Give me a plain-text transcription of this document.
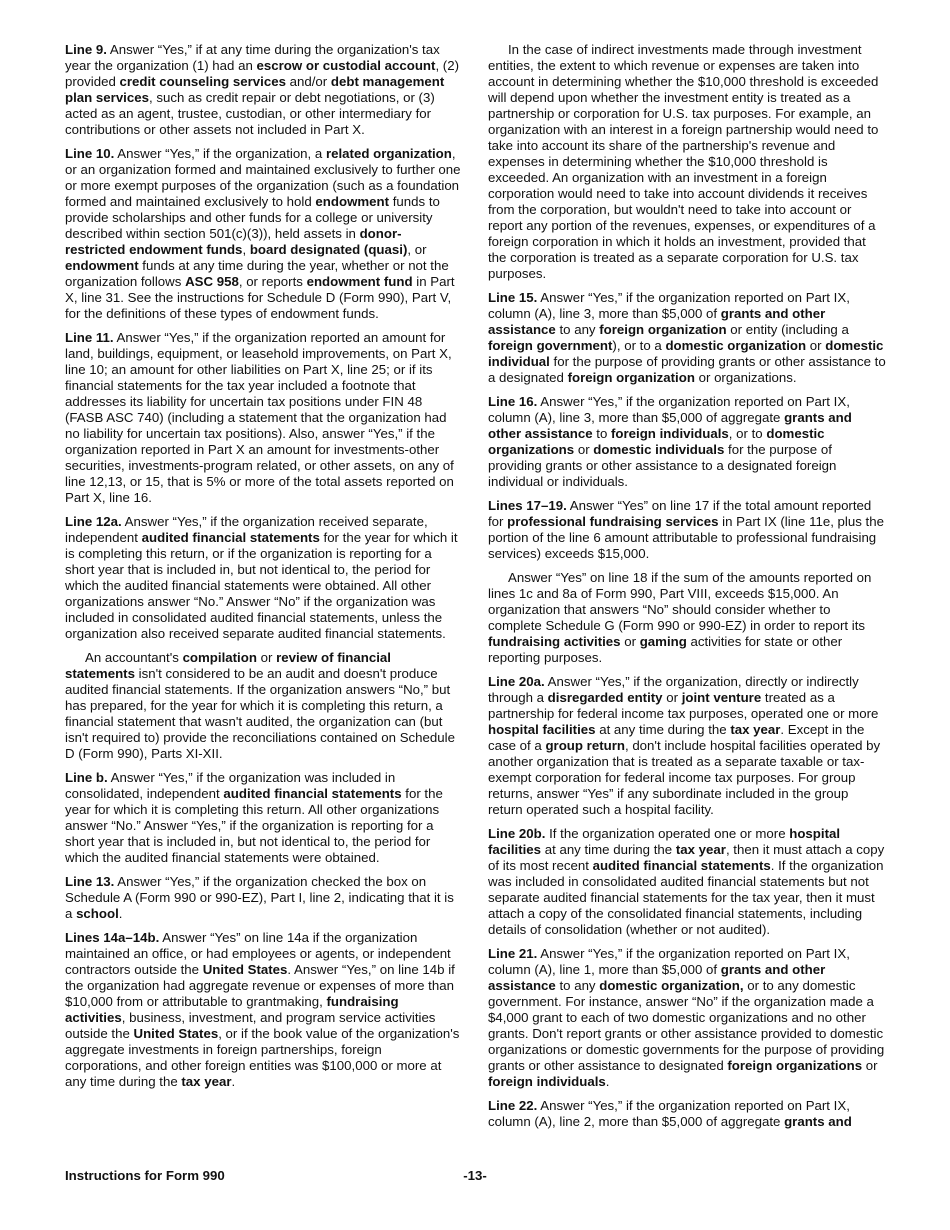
Line 9. Answer “Yes,” if at any time during the organization's tax year the organization (1) had an escrow or custodial account, (2) provided credit counseling services and/or debt management plan services, such as credit repair or debt negotiations, or (3) acted as an agent, trustee, custodian, or other intermediary for contributions or other assets not included in Part X.

Line 10. Answer “Yes,” if the organization, a related organization, or an organization formed and maintained exclusively to further one or more exempt purposes of the organization (such as a foundation formed and maintained exclusively to hold endowment funds to provide scholarships and other funds for a college or university described within section 501(c)(3)), held assets in donor-restricted endowment funds, board designated (quasi), or endowment funds at any time during the year, whether or not the organization follows ASC 958, or reports endowment fund in Part X, line 31. See the instructions for Schedule D (Form 990), Part V, for the definitions of these types of endowment funds.

Line 11. Answer “Yes,” if the organization reported an amount for land, buildings, equipment, or leasehold improvements, on Part X, line 10; an amount for other liabilities on Part X, line 25; or if its financial statements for the tax year included a footnote that addresses its liability for uncertain tax positions under FIN 48 (FASB ASC 740) (including a statement that the organization had no liability for uncertain tax positions). Also, answer “Yes,” if the organization reported in Part X an amount for investments-other securities, investments-program related, or other assets, on any of line 12,13, or 15, that is 5% or more of the total assets reported on Part X, line 16.

Line 12a. Answer “Yes,” if the organization received separate, independent audited financial statements for the year for which it is completing this return, or if the organization is reporting for a short year that is included in, but not identical to, the period for which the audited financial statements were obtained. All other organizations answer “No.” Answer “No” if the organization was included in consolidated audited financial statements, unless the organization also received separate audited financial statements.

An accountant's compilation or review of financial statements isn't considered to be an audit and doesn't produce audited financial statements. If the organization answers “No,” but has prepared, for the year for which it is completing this return, a financial statement that wasn't audited, the organization can (but isn't required to) provide the reconciliations contained on Schedule D (Form 990), Parts XI-XII.

Line b. Answer “Yes,” if the organization was included in consolidated, independent audited financial statements for the year for which it is completing this return. All other organizations answer “No.” Answer “Yes,” if the organization is reporting for a short year that is included in, but not identical to, the period for which the audited financial statements were obtained.

Line 13. Answer “Yes,” if the organization checked the box on Schedule A (Form 990 or 990-EZ), Part I, line 2, indicating that it is a school.

Lines 14a–14b. Answer “Yes” on line 14a if the organization maintained an office, or had employees or agents, or independent contractors outside the United States. Answer “Yes,” on line 14b if the organization had aggregate revenue or expenses of more than $10,000 from or attributable to grantmaking, fundraising activities, business, investment, and program service activities outside the United States, or if the book value of the organization's aggregate investments in foreign partnerships, foreign corporations, and other foreign entities was $100,000 or more at any time during the tax year.

In the case of indirect investments made through investment entities, the extent to which revenue or expenses are taken into account in determining whether the $10,000 threshold is exceeded will depend upon whether the investment entity is treated as a partnership or corporation for U.S. tax purposes. For example, an organization with an interest in a foreign partnership would need to take into account its share of the partnership's revenue and expenses in determining whether the $10,000 threshold is exceeded. An organization with an investment in a foreign corporation would need to take into account dividends it receives from the corporation, but wouldn't need to take into account or report any portion of the revenues, expenses, or expenditures of a foreign corporation in which it holds an investment, provided that the corporation is treated as a separate corporation for U.S. tax purposes.

Line 15. Answer “Yes,” if the organization reported on Part IX, column (A), line 3, more than $5,000 of grants and other assistance to any foreign organization or entity (including a foreign government), or to a domestic organization or domestic individual for the purpose of providing grants or other assistance to a designated foreign organization or organizations.

Line 16. Answer “Yes,” if the organization reported on Part IX, column (A), line 3, more than $5,000 of aggregate grants and other assistance to foreign individuals, or to domestic organizations or domestic individuals for the purpose of providing grants or other assistance to a designated foreign individual or individuals.

Lines 17–19. Answer “Yes” on line 17 if the total amount reported for professional fundraising services in Part IX (line 11e, plus the portion of the line 6 amount attributable to professional fundraising services) exceeds $15,000.

Answer “Yes” on line 18 if the sum of the amounts reported on lines 1c and 8a of Form 990, Part VIII, exceeds $15,000. An organization that answers “No” should consider whether to complete Schedule G (Form 990 or 990-EZ) in order to report its fundraising activities or gaming activities for state or other reporting purposes.

Line 20a. Answer “Yes,” if the organization, directly or indirectly through a disregarded entity or joint venture treated as a partnership for federal income tax purposes, operated one or more hospital facilities at any time during the tax year. Except in the case of a group return, don't include hospital facilities operated by another organization that is treated as a separate taxable or tax-exempt corporation for federal income tax purposes. For group returns, answer “Yes” if any subordinate included in the group return operated such a hospital facility.

Line 20b. If the organization operated one or more hospital facilities at any time during the tax year, then it must attach a copy of its most recent audited financial statements. If the organization was included in consolidated audited financial statements but not separate audited financial statements for the tax year, then it must attach a copy of the consolidated financial statements, including details of consolidation (whether or not audited).

Line 21. Answer “Yes,” if the organization reported on Part IX, column (A), line 1, more than $5,000 of grants and other assistance to any domestic organization, or to any domestic government. For instance, answer “No” if the organization made a $4,000 grant to each of two domestic organizations and no other grants. Don't report grants or other assistance provided to domestic organizations or domestic governments for the purpose of providing grants or other assistance to designated foreign organizations or foreign individuals.

Line 22. Answer “Yes,” if the organization reported on Part IX, column (A), line 2, more than $5,000 of aggregate grants and

Instructions for Form 990	-13-
